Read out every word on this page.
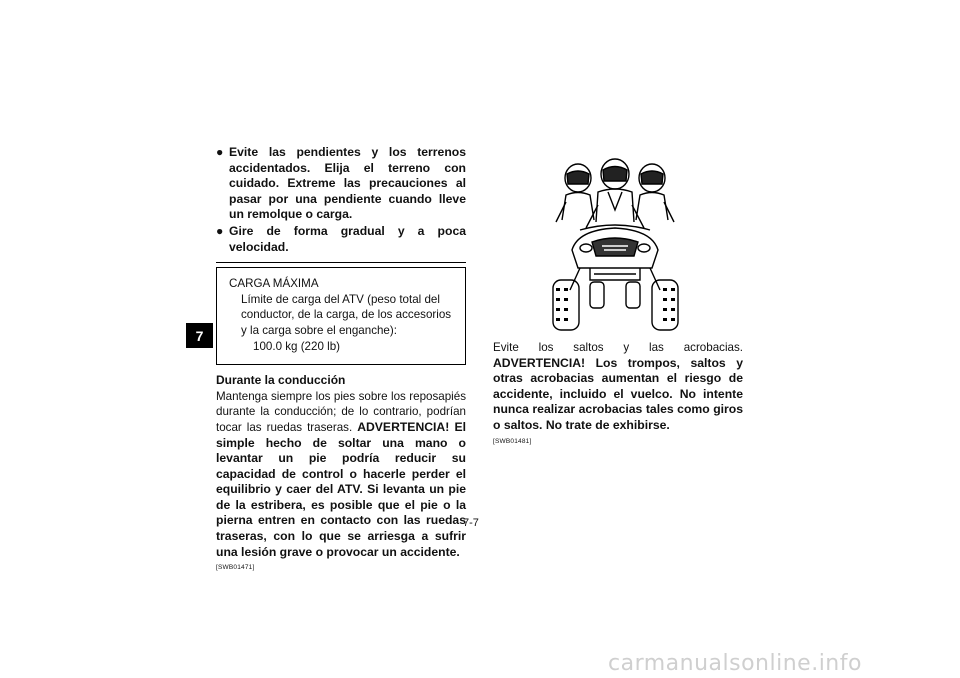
7
● Evite las pendientes y los terrenos accidentados. Elija el terreno con cuidado. Extreme las precauciones al pasar por una pendiente cuando lleve un remolque o carga.
● Gire de forma gradual y a poca velocidad.
CARGA MÁXIMA
Límite de carga del ATV (peso total del conductor, de la carga, de los accesorios y la carga sobre el enganche):
100.0 kg (220 lb)
Durante la conducción
Mantenga siempre los pies sobre los reposapiés durante la conducción; de lo contrario, podrían tocar las ruedas traseras. ADVERTENCIA! El simple hecho de soltar una mano o levantar un pie podría reducir su capacidad de control o hacerle perder el equilibrio y caer del ATV. Si levanta un pie de la estribera, es posible que el pie o la pierna entren en contacto con las ruedas traseras, con lo que se arriesga a sufrir una lesión grave o provocar un accidente.
[SWB01471]
Evite los saltos y las acrobacias. ADVERTENCIA! Los trompos, saltos y otras acrobacias aumentan el riesgo de accidente, incluido el vuelco. No intente nunca realizar acrobacias tales como giros o saltos. No trate de exhibirse.
[SWB01481]
7-7
carmanualsonline.info
